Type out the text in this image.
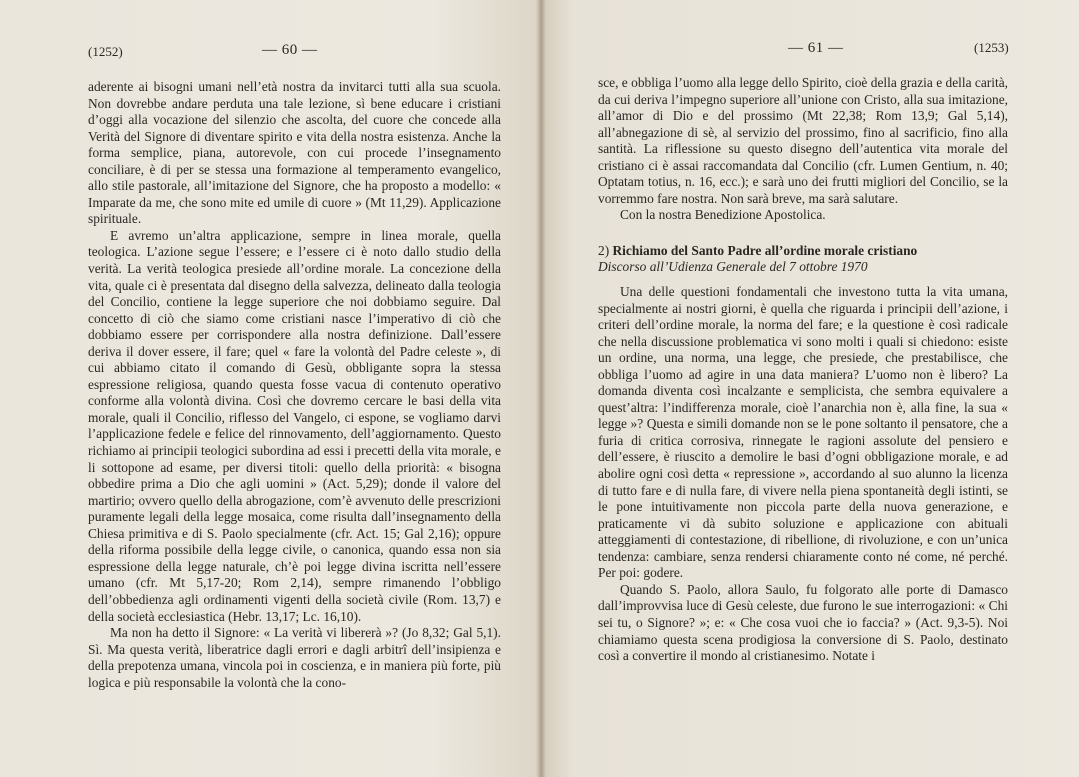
(1252)	— 60 —

aderente ai bisogni umani nell’età nostra da invitarci tutti alla sua scuola. Non dovrebbe andare perduta una tale lezione, sì bene educare i cristiani d’oggi alla vocazione del silenzio che ascolta, del cuore che concede alla Verità del Signore di diventare spirito e vita della nostra esistenza. Anche la forma semplice, piana, autorevole, con cui procede l’insegnamento conciliare, è di per se stessa una formazione al temperamento evangelico, allo stile pastorale, all’imitazione del Signore, che ha proposto a modello: « Imparate da me, che sono mite ed umile di cuore » (Mt 11,29). Applicazione spirituale.

E avremo un’altra applicazione, sempre in linea morale, quella teologica. L’azione segue l’essere; e l’essere ci è noto dallo studio della verità. La verità teologica presiede all’ordine morale. La concezione della vita, quale ci è presentata dal disegno della salvezza, delineato dalla teologia del Concilio, contiene la legge superiore che noi dobbiamo seguire. Dal concetto di ciò che siamo come cristiani nasce l’imperativo di ciò che dobbiamo essere per corrispondere alla nostra definizione. Dall’essere deriva il dover essere, il fare; quel « fare la volontà del Padre celeste », di cui abbiamo citato il comando di Gesù, obbligante sopra la stessa espressione religiosa, quando questa fosse vacua di contenuto operativo conforme alla volontà divina. Così che dovremo cercare le basi della vita morale, quali il Concilio, riflesso del Vangelo, ci espone, se vogliamo darvi l’applicazione fedele e felice del rinnovamento, dell’aggiornamento. Questo richiamo ai principii teologici subordina ad essi i precetti della vita morale, e li sottopone ad esame, per diversi titoli: quello della priorità: « bisogna obbedire prima a Dio che agli uomini » (Act. 5,29); donde il valore del martirio; ovvero quello della abrogazione, com’è avvenuto delle prescrizioni puramente legali della legge mosaica, come risulta dall’insegnamento della Chiesa primitiva e di S. Paolo specialmente (cfr. Act. 15; Gal 2,16); oppure della riforma possibile della legge civile, o canonica, quando essa non sia espressione della legge naturale, ch’è poi legge divina iscritta nell’essere umano (cfr. Mt 5,17-20; Rom 2,14), sempre rimanendo l’obbligo dell’obbedienza agli ordinamenti vigenti della società civile (Rom. 13,7) e della società ecclesiastica (Hebr. 13,17; Lc. 16,10).

Ma non ha detto il Signore: « La verità vi libererà »? (Jo 8,32; Gal 5,1). Sì. Ma questa verità, liberatrice dagli errori e dagli arbitrî dell’insipienza e della prepotenza umana, vincola poi in coscienza, e in maniera più forte, più logica e più responsabile la volontà che la cono-

— 61 —	(1253)

sce, e obbliga l’uomo alla legge dello Spirito, cioè della grazia e della carità, da cui deriva l’impegno superiore all’unione con Cristo, alla sua imitazione, all’amor di Dio e del prossimo (Mt 22,38; Rom 13,9; Gal 5,14), all’abnegazione di sè, al servizio del prossimo, fino al sacrificio, fino alla santità. La riflessione su questo disegno dell’autentica vita morale del cristiano ci è assai raccomandata dal Concilio (cfr. Lumen Gentium, n. 40; Optatam totius, n. 16, ecc.); e sarà uno dei frutti migliori del Concilio, se la vorremmo fare nostra. Non sarà breve, ma sarà salutare.

Con la nostra Benedizione Apostolica.

2) Richiamo del Santo Padre all’ordine morale cristiano

Discorso all’Udienza Generale del 7 ottobre 1970

Una delle questioni fondamentali che investono tutta la vita umana, specialmente ai nostri giorni, è quella che riguarda i principii dell’azione, i criteri dell’ordine morale, la norma del fare; e la questione è così radicale che nella discussione problematica vi sono molti i quali si chiedono: esiste un ordine, una norma, una legge, che presiede, che prestabilisce, che obbliga l’uomo ad agire in una data maniera? L’uomo non è libero? La domanda diventa così incalzante e semplicista, che sembra equivalere a quest’altra: l’indifferenza morale, cioè l’anarchia non è, alla fine, la sua « legge »? Questa e simili domande non se le pone soltanto il pensatore, che a furia di critica corrosiva, rinnegate le ragioni assolute del pensiero e dell’essere, è riuscito a demolire le basi d’ogni obbligazione morale, e ad abolire ogni così detta « repressione », accordando al suo alunno la licenza di tutto fare e di nulla fare, di vivere nella piena spontaneità degli istinti, se le pone intuitivamente non piccola parte della nuova generazione, e praticamente vi dà subito soluzione e applicazione con abituali atteggiamenti di contestazione, di ribellione, di rivoluzione, e con un’unica tendenza: cambiare, senza rendersi chiaramente conto né come, né perché. Per poi: godere.

Quando S. Paolo, allora Saulo, fu folgorato alle porte di Damasco dall’improvvisa luce di Gesù celeste, due furono le sue interrogazioni: « Chi sei tu, o Signore? »; e: « Che cosa vuoi che io faccia? » (Act. 9,3-5). Noi chiamiamo questa scena prodigiosa la conversione di S. Paolo, destinato così a convertire il mondo al cristianesimo. Notate i
